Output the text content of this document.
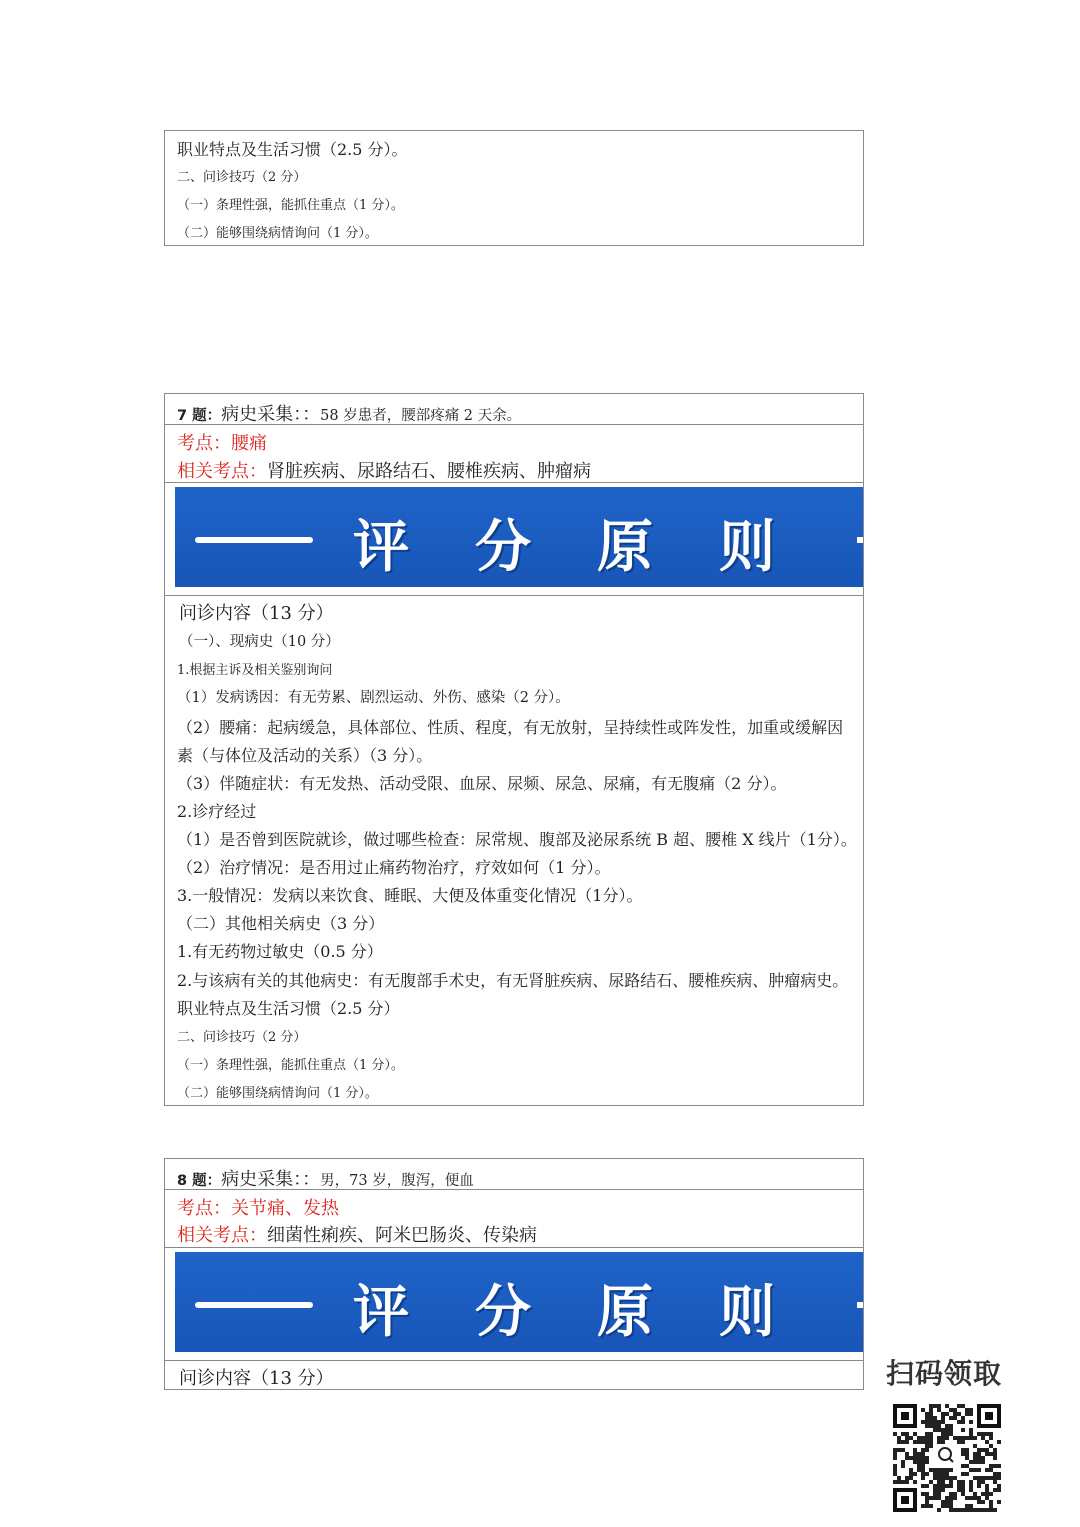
职业特点及生活习惯（2.5 分）。
二、问诊技巧（2 分）
（一）条理性强，能抓住重点（1 分）。
（二）能够围绕病情询问（1 分）。
7 题：病史采集：：58 岁患者，腰部疼痛 2 天余。
考点：腰痛
相关考点：肾脏疾病、尿路结石、腰椎疾病、肿瘤病
评分原则
问诊内容（13 分）
（一）、现病史（10 分）
1.根据主诉及相关鉴别询问
（1）发病诱因：有无劳累、剧烈运动、外伤、感染（2 分）。
（2）腰痛：起病缓急，具体部位、性质、程度，有无放射，呈持续性或阵发性，加重或缓解因
素（与体位及活动的关系）（3 分）。
（3）伴随症状：有无发热、活动受限、血尿、尿频、尿急、尿痛，有无腹痛（2 分）。
2.诊疗经过
（1）是否曾到医院就诊，做过哪些检查：尿常规、腹部及泌尿系统 B 超、腰椎 X 线片（1分）。
（2）治疗情况：是否用过止痛药物治疗，疗效如何（1 分）。
3.一般情况：发病以来饮食、睡眠、大便及体重变化情况（1分）。
（二）其他相关病史（3 分）
1.有无药物过敏史（0.5 分）
2.与该病有关的其他病史：有无腹部手术史，有无肾脏疾病、尿路结石、腰椎疾病、肿瘤病史。
职业特点及生活习惯（2.5 分）
二、问诊技巧（2 分）
（一）条理性强，能抓住重点（1 分）。
（二）能够围绕病情询问（1 分）。
8 题：病史采集：：男，73 岁，腹泻，便血
考点：关节痛、发热
相关考点：细菌性痢疾、阿米巴肠炎、传染病
评分原则
问诊内容（13 分）	扫码领取
